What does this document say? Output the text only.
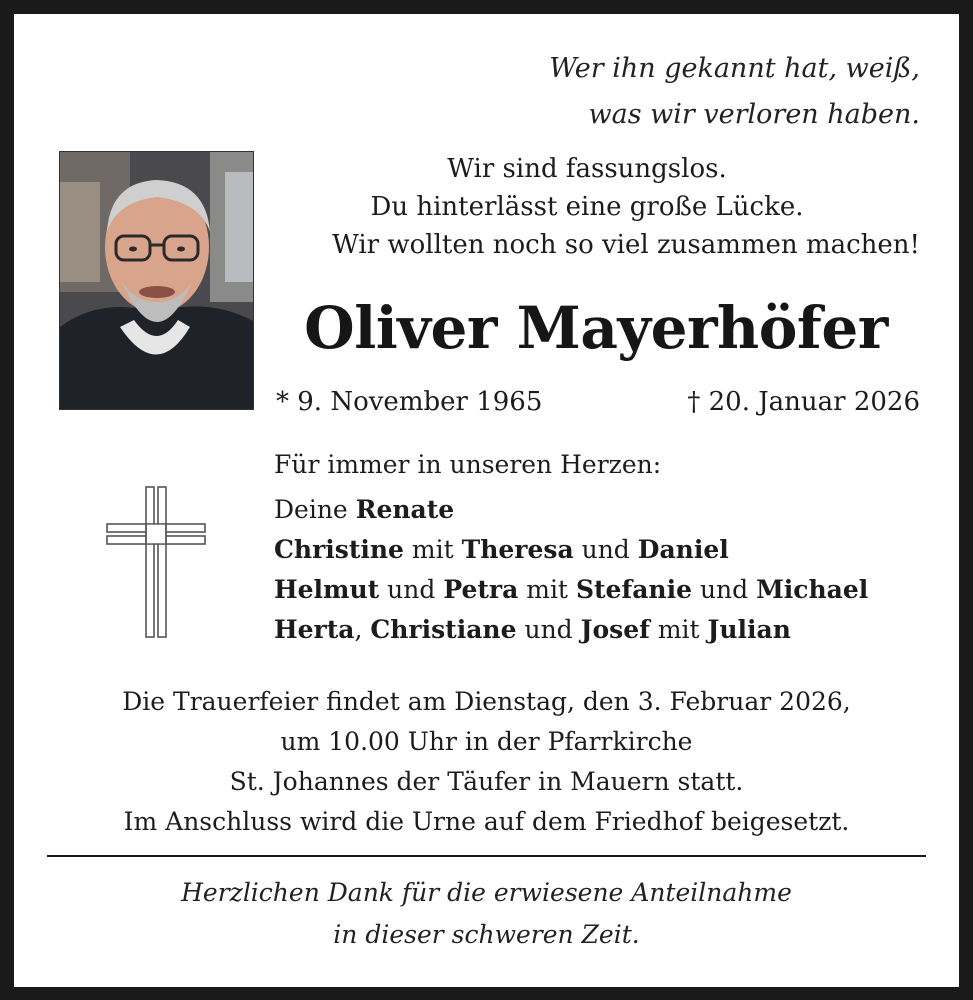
Wer ihn gekannt hat, weiß,
was wir verloren haben.
Wir sind fassungslos.
Du hinterlässt eine große Lücke.
Wir wollten noch so viel zusammen machen!
Oliver Mayerhöfer
* 9. November 1965	† 20. Januar 2026
Für immer in unseren Herzen:
Deine Renate
Christine mit Theresa und Daniel
Helmut und Petra mit Stefanie und Michael
Herta, Christiane und Josef mit Julian
Die Trauerfeier findet am Dienstag, den 3. Februar 2026,
um 10.00 Uhr in der Pfarrkirche
St. Johannes der Täufer in Mauern statt.
Im Anschluss wird die Urne auf dem Friedhof beigesetzt.
Herzlichen Dank für die erwiesene Anteilnahme
in dieser schweren Zeit.
